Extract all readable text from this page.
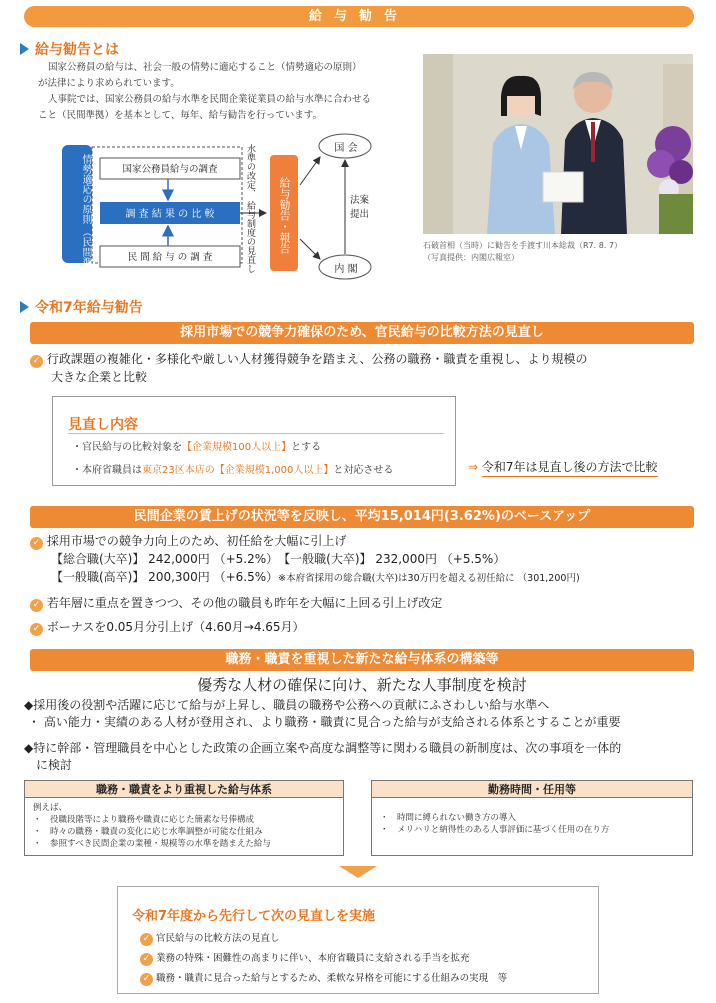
給与勧告
給与勧告とは
国家公務員の給与は、社会一般の情勢に適応すること（情勢適応の原則）
が法律により求められています。
人事院では、国家公務員の給与水準を民間企業従業員の給与水準に合わせる
こと（民間準拠）を基本として、毎年、給与勧告を行っています。
情勢適応の原則 （民間準拠）
国家公務員給与の調査
調 査 結 果 の 比 較
民 間 給 与 の 調 査
水準の改定、 給与制度の見直し	給与勧告・報告
国 会
内 閣
法案
提出
石破首相（当時）に勧告を手渡す川本総裁（R7. 8. 7）
（写真提供：内閣広報室）
令和7年給与勧告
採用市場での競争力確保のため、官民給与の比較方法の見直し
✓ 行政課題の複雑化・多様化や厳しい人材獲得競争を踏まえ、公務の職務・職責を重視し、より規模の
大きな企業と比較
見直し内容
・官民給与の比較対象を【企業規模100人以上】とする
・本府省職員は東京23区本店の【企業規模1,000人以上】と対応させる	⇒ 令和7年は見直し後の方法で比較
民間企業の賃上げの状況等を反映し、平均15,014円(3.62%)のベースアップ
✓ 採用市場での競争力向上のため、初任給を大幅に引上げ
【総合職(大卒)】 242,000円 （+5.2%）　【一般職(大卒)】 232,000円 （+5.5%）
【一般職(高卒)】 200,300円 （+6.5%）※本府省採用の総合職(大卒)は30万円を超える初任給に （301,200円)
✓ 若年層に重点を置きつつ、その他の職員も昨年を大幅に上回る引上げ改定
✓ ボーナスを0.05月分引上げ（4.60月→4.65月）
職務・職責を重視した新たな給与体系の構築等
優秀な人材の確保に向け、新たな人事制度を検討
◆採用後の役割や活躍に応じて給与が上昇し、職員の職務や公務への貢献にふさわしい給与水準へ
・ 高い能力・実績のある人材が登用され、より職務・職責に見合った給与が支給される体系とすることが重要
◆特に幹部・管理職員を中心とした政策の企画立案や高度な調整等に関わる職員の新制度は、次の事項を一体的
に検討
職務・職責をより重視した給与体系
例えば、
・　役職段階等により職務や職責に応じた簡素な号俸構成
・　時々の職務・職責の変化に応じ水準調整が可能な仕組み
・　参照すべき民間企業の業種・規模等の水準を踏まえた給与
勤務時間・任用等
・　時間に縛られない働き方の導入
・　メリハリと納得性のある人事評価に基づく任用の在り方
令和7年度から先行して次の見直しを実施
✓ 官民給与の比較方法の見直し
✓ 業務の特殊・困難性の高まりに伴い、本府省職員に支給される手当を拡充
✓ 職務・職責に見合った給与とするため、柔軟な昇格を可能にする仕組みの実現　等
